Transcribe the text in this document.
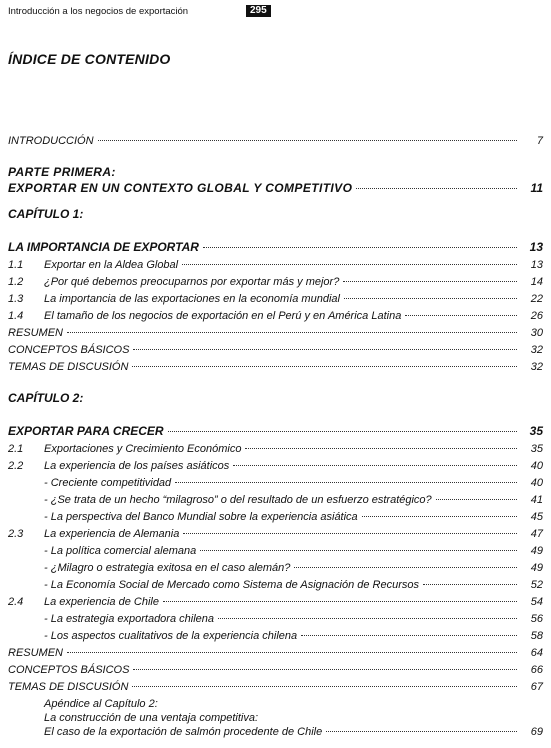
Introducción a los negocios de exportación	295
ÍNDICE DE CONTENIDO
INTRODUCCIÓN	7
PARTE PRIMERA:
EXPORTAR EN UN CONTEXTO GLOBAL Y COMPETITIVO	11
CAPÍTULO 1:
LA IMPORTANCIA DE EXPORTAR	13
1.1	Exportar en la Aldea Global	13
1.2	¿Por qué debemos preocuparnos por exportar más y mejor?	14
1.3	La importancia de las exportaciones en la economía mundial	22
1.4	El tamaño de los negocios de exportación en el Perú y en América Latina	26
RESUMEN	30
CONCEPTOS BÁSICOS	32
TEMAS DE DISCUSIÓN	32
CAPÍTULO 2:
EXPORTAR PARA CRECER	35
2.1	Exportaciones y Crecimiento Económico	35
2.2	La experiencia de los países asiáticos	40
- Creciente competitividad	40
- ¿Se trata de un hecho “milagroso” o del resultado de un esfuerzo estratégico?	41
- La perspectiva del Banco Mundial sobre la experiencia asiática	45
2.3	La experiencia de Alemania	47
- La política comercial alemana	49
- ¿Milagro o estrategia exitosa en el caso alemán?	49
- La Economía Social de Mercado como Sistema de Asignación de Recursos	52
2.4	La experiencia de Chile	54
- La estrategia exportadora chilena	56
- Los aspectos cualitativos de la experiencia chilena	58
RESUMEN	64
CONCEPTOS BÁSICOS	66
TEMAS DE DISCUSIÓN	67
Apéndice al Capítulo 2:
La construcción de una ventaja competitiva:
El caso de la exportación de salmón procedente de Chile	69
